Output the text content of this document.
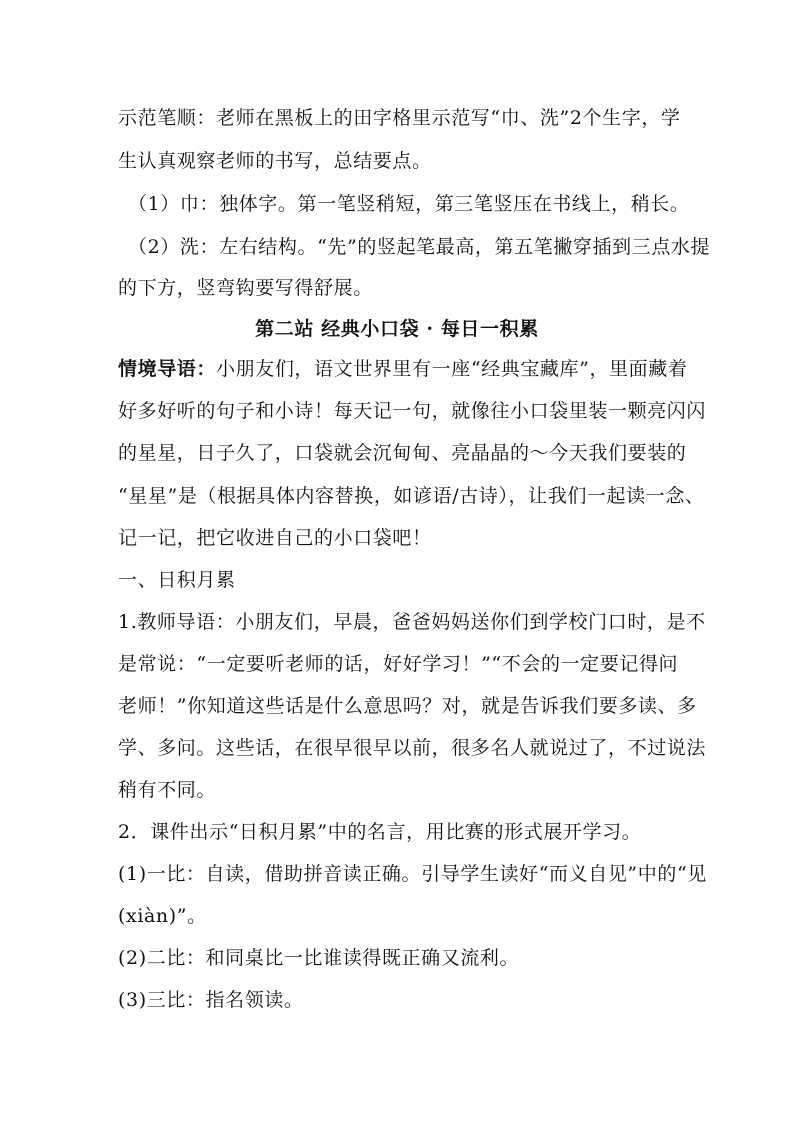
示范笔顺：老师在黑板上的田字格里示范写“巾、洗”2个生字，学
生认真观察老师的书写，总结要点。
（1）巾：独体字。第一笔竖稍短，第三笔竖压在书线上，稍长。
（2）洗：左右结构。“先”的竖起笔最高，第五笔撇穿插到三点水提
的下方，竖弯钩要写得舒展。
第二站 经典小口袋 · 每日一积累
情境导语：小朋友们，语文世界里有一座“经典宝藏库”，里面藏着
好多好听的句子和小诗！每天记一句，就像往小口袋里装一颗亮闪闪
的星星，日子久了，口袋就会沉甸甸、亮晶晶的～今天我们要装的
“星星”是（根据具体内容替换，如谚语/古诗），让我们一起读一念、
记一记，把它收进自己的小口袋吧！
一、日积月累
1.教师导语：小朋友们，早晨，爸爸妈妈送你们到学校门口时，是不
是常说：“一定要听老师的话，好好学习！”“不会的一定要记得问
老师！”你知道这些话是什么意思吗？对，就是告诉我们要多读、多
学、多问。这些话，在很早很早以前，很多名人就说过了，不过说法
稍有不同。
2．课件出示“日积月累”中的名言，用比赛的形式展开学习。
(1)一比：自读，借助拼音读正确。引导学生读好“而义自见”中的“见
(xiàn)”。
(2)二比：和同桌比一比谁读得既正确又流利。
(3)三比：指名领读。
